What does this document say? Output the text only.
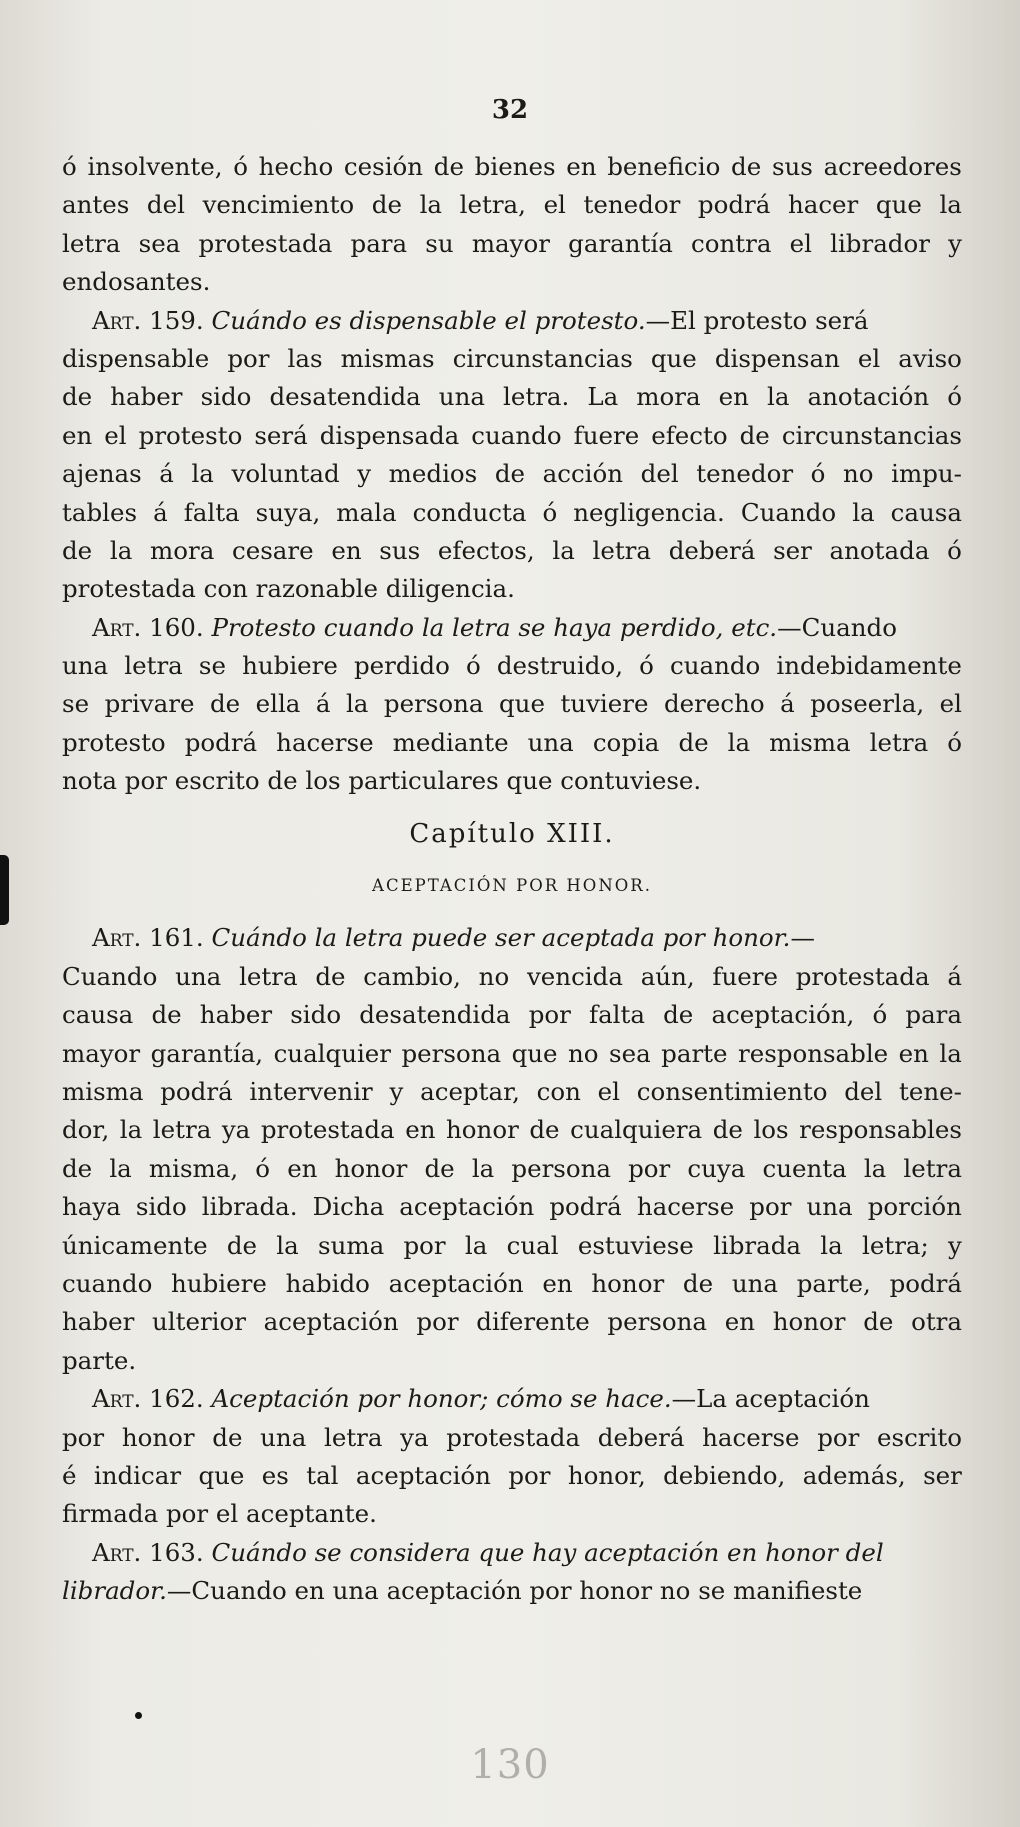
32
ó insolvente, ó hecho cesión de bienes en beneficio de sus acreedores
antes del vencimiento de la letra, el tenedor podrá hacer que la
letra sea protestada para su mayor garantía contra el librador y
endosantes.
Art. 159. Cuándo es dispensable el protesto.—El protesto será
dispensable por las mismas circunstancias que dispensan el aviso
de haber sido desatendida una letra. La mora en la anotación ó
en el protesto será dispensada cuando fuere efecto de circunstancias
ajenas á la voluntad y medios de acción del tenedor ó no impu-
tables á falta suya, mala conducta ó negligencia. Cuando la causa
de la mora cesare en sus efectos, la letra deberá ser anotada ó
protestada con razonable diligencia.
Art. 160. Protesto cuando la letra se haya perdido, etc.—Cuando
una letra se hubiere perdido ó destruido, ó cuando indebidamente
se privare de ella á la persona que tuviere derecho á poseerla, el
protesto podrá hacerse mediante una copia de la misma letra ó
nota por escrito de los particulares que contuviese.
Capítulo XIII.
ACEPTACIÓN POR HONOR.
Art. 161. Cuándo la letra puede ser aceptada por honor.—
Cuando una letra de cambio, no vencida aún, fuere protestada á
causa de haber sido desatendida por falta de aceptación, ó para
mayor garantía, cualquier persona que no sea parte responsable en la
misma podrá intervenir y aceptar, con el consentimiento del tene-
dor, la letra ya protestada en honor de cualquiera de los responsables
de la misma, ó en honor de la persona por cuya cuenta la letra
haya sido librada. Dicha aceptación podrá hacerse por una porción
únicamente de la suma por la cual estuviese librada la letra; y
cuando hubiere habido aceptación en honor de una parte, podrá
haber ulterior aceptación por diferente persona en honor de otra
parte.
Art. 162. Aceptación por honor; cómo se hace.—La aceptación
por honor de una letra ya protestada deberá hacerse por escrito
é indicar que es tal aceptación por honor, debiendo, además, ser
firmada por el aceptante.
Art. 163. Cuándo se considera que hay aceptación en honor del
librador.—Cuando en una aceptación por honor no se manifieste
130
